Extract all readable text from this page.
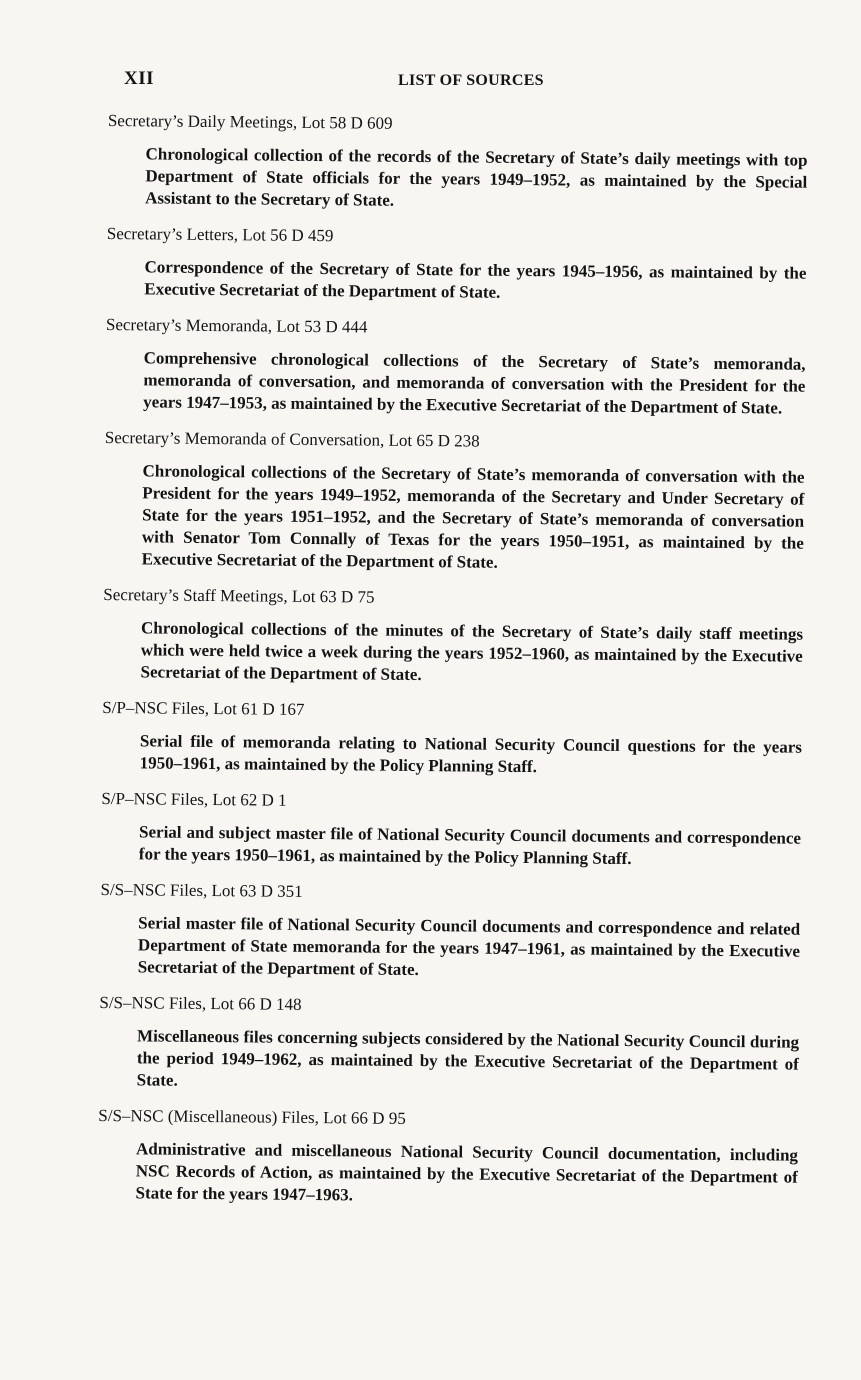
XII	LIST OF SOURCES
Secretary’s Daily Meetings, Lot 58 D 609
Chronological collection of the records of the Secretary of State’s daily meetings with top Department of State officials for the years 1949–1952, as maintained by the Special Assistant to the Secretary of State.
Secretary’s Letters, Lot 56 D 459
Correspondence of the Secretary of State for the years 1945–1956, as maintained by the Executive Secretariat of the Department of State.
Secretary’s Memoranda, Lot 53 D 444
Comprehensive chronological collections of the Secretary of State’s memoranda, memoranda of conversation, and memoranda of conversation with the President for the years 1947–1953, as maintained by the Executive Secretariat of the Department of State.
Secretary’s Memoranda of Conversation, Lot 65 D 238
Chronological collections of the Secretary of State’s memoranda of conversation with the President for the years 1949–1952, memoranda of the Secretary and Under Secretary of State for the years 1951–1952, and the Secretary of State’s memoranda of conversation with Senator Tom Connally of Texas for the years 1950–1951, as maintained by the Executive Secretariat of the Department of State.
Secretary’s Staff Meetings, Lot 63 D 75
Chronological collections of the minutes of the Secretary of State’s daily staff meetings which were held twice a week during the years 1952–1960, as maintained by the Executive Secretariat of the Department of State.
S/P–NSC Files, Lot 61 D 167
Serial file of memoranda relating to National Security Council questions for the years 1950–1961, as maintained by the Policy Planning Staff.
S/P–NSC Files, Lot 62 D 1
Serial and subject master file of National Security Council documents and correspondence for the years 1950–1961, as maintained by the Policy Planning Staff.
S/S–NSC Files, Lot 63 D 351
Serial master file of National Security Council documents and correspondence and related Department of State memoranda for the years 1947–1961, as maintained by the Executive Secretariat of the Department of State.
S/S–NSC Files, Lot 66 D 148
Miscellaneous files concerning subjects considered by the National Security Council during the period 1949–1962, as maintained by the Executive Secretariat of the Department of State.
S/S–NSC (Miscellaneous) Files, Lot 66 D 95
Administrative and miscellaneous National Security Council documentation, including NSC Records of Action, as maintained by the Executive Secretariat of the Department of State for the years 1947–1963.
